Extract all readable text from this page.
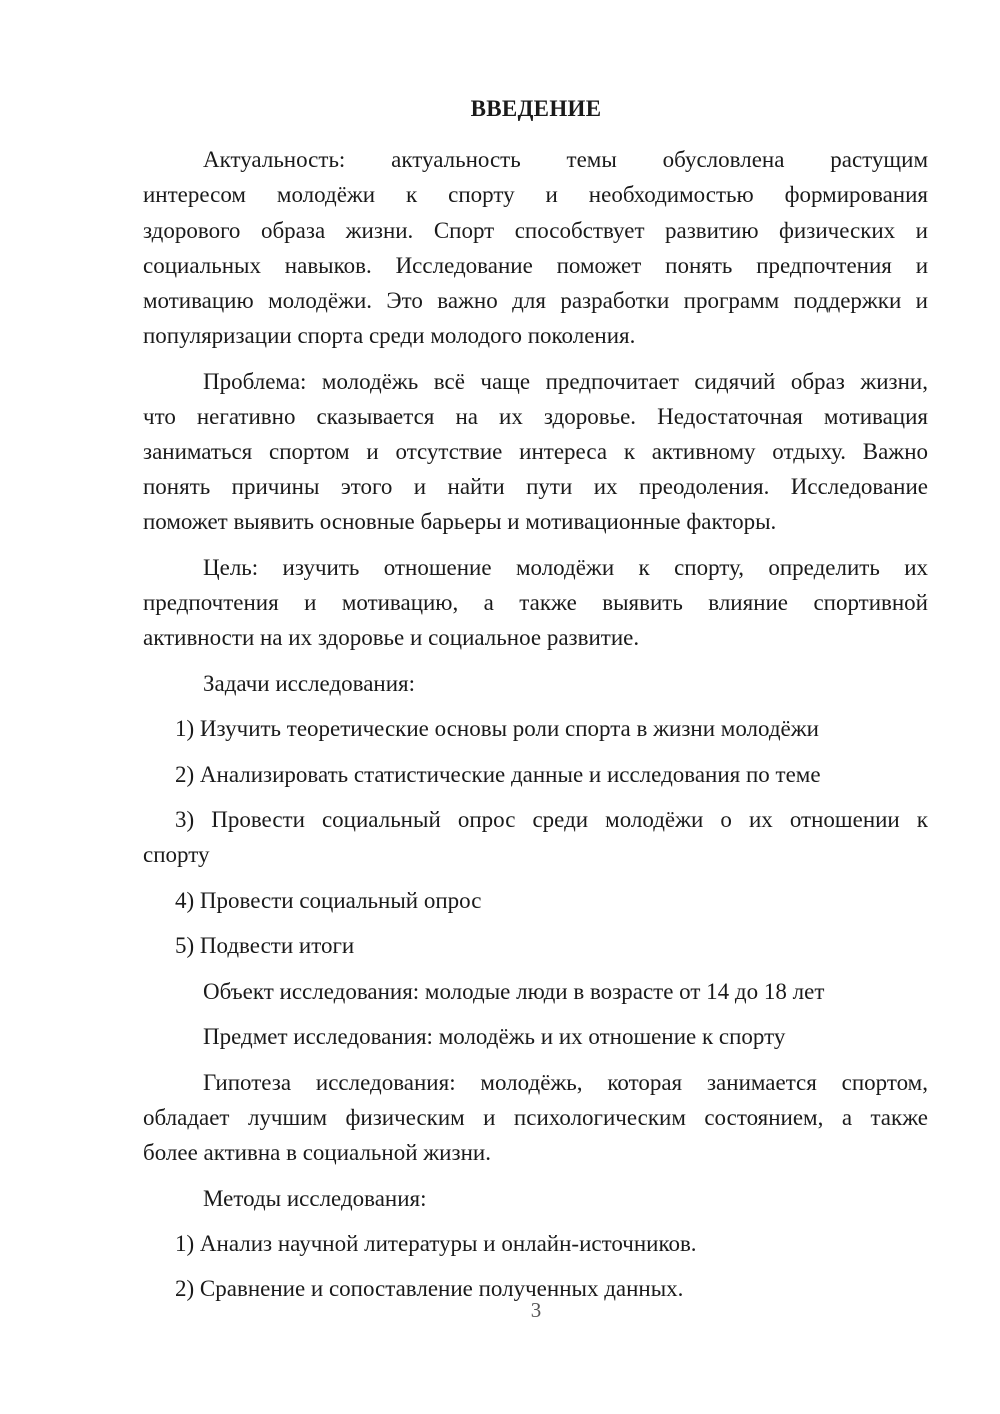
ВВЕДЕНИЕ
Актуальность: актуальность темы обусловлена растущим
интересом молодёжи к спорту и необходимостью формирования
здорового образа жизни. Спорт способствует развитию физических и
социальных навыков. Исследование поможет понять предпочтения и
мотивацию молодёжи. Это важно для разработки программ поддержки и
популяризации спорта среди молодого поколения.
Проблема: молодёжь всё чаще предпочитает сидячий образ жизни,
что негативно сказывается на их здоровье. Недостаточная мотивация
заниматься спортом и отсутствие интереса к активному отдыху. Важно
понять причины этого и найти пути их преодоления. Исследование
поможет выявить основные барьеры и мотивационные факторы.
Цель: изучить отношение молодёжи к спорту, определить их
предпочтения и мотивацию, а также выявить влияние спортивной
активности на их здоровье и социальное развитие.
Задачи исследования:
1) Изучить теоретические основы роли спорта в жизни молодёжи
2) Анализировать статистические данные и исследования по теме
3) Провести социальный опрос среди молодёжи о их отношении к
спорту
4) Провести социальный опрос
5) Подвести итоги
Объект исследования: молодые люди в возрасте от 14 до 18 лет
Предмет исследования: молодёжь и их отношение к спорту
Гипотеза исследования: молодёжь, которая занимается спортом,
обладает лучшим физическим и психологическим состоянием, а также
более активна в социальной жизни.
Методы исследования:
1) Анализ научной литературы и онлайн-источников.
2) Сравнение и сопоставление полученных данных.
3
